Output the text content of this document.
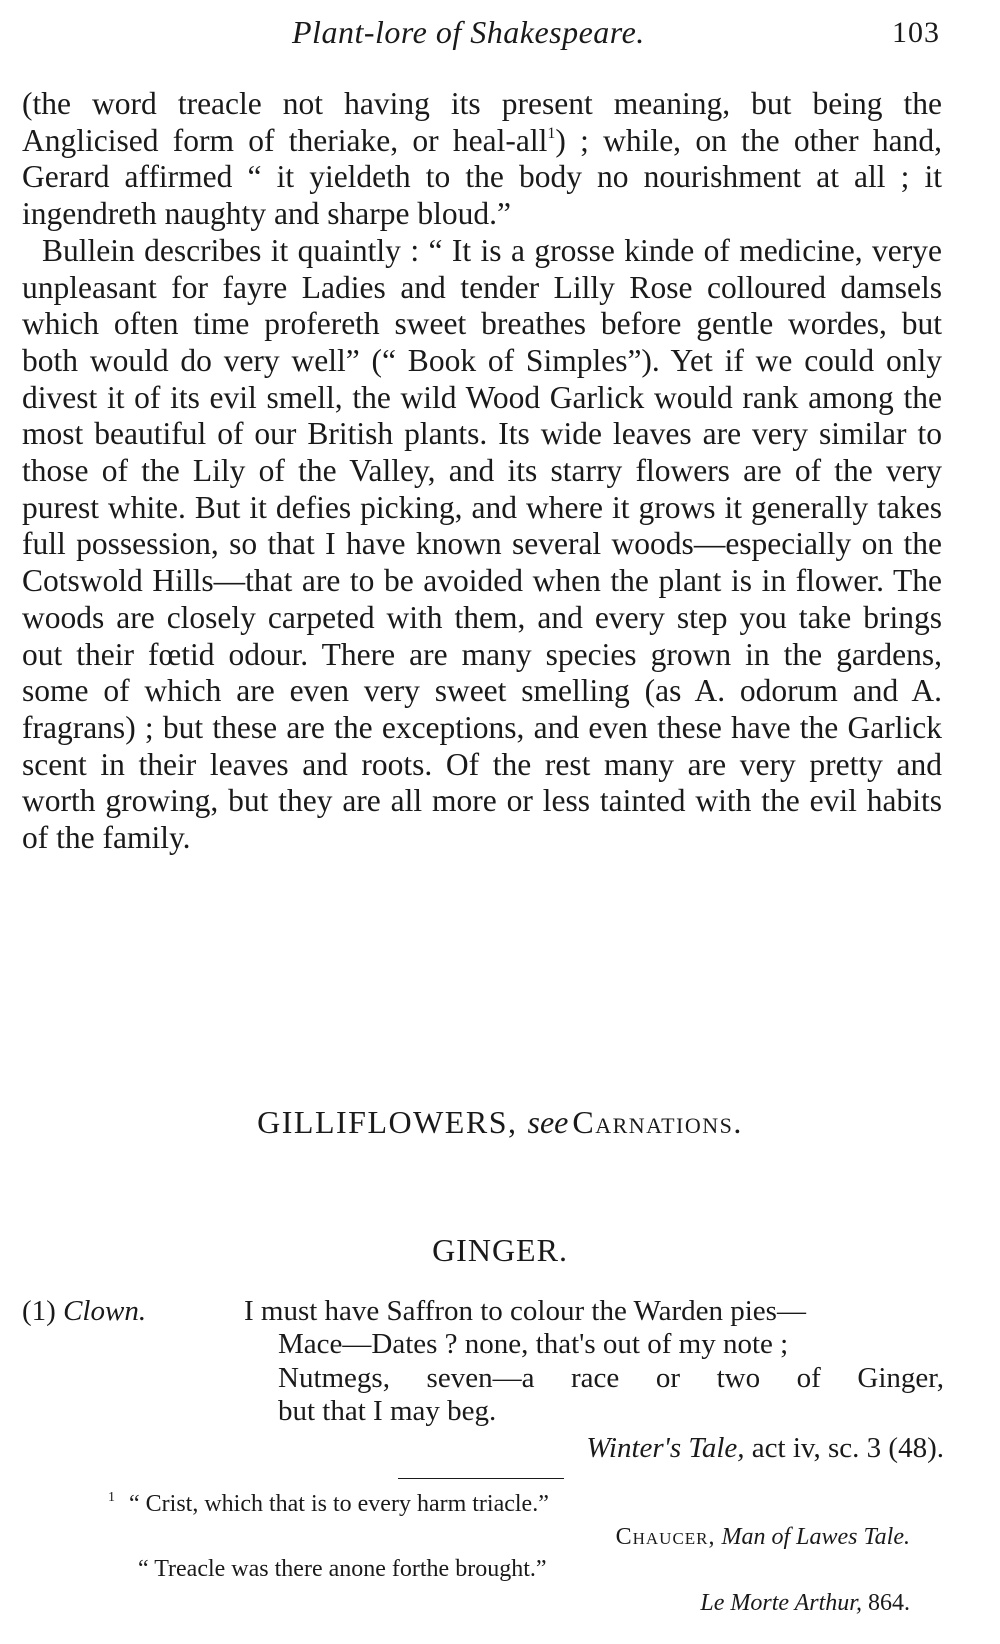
Plant-lore of Shakespeare.	103

(the word treacle not having its present meaning, but being the Anglicised form of theriake, or heal-all$^1$) ; while, on the other hand, Gerard affirmed “ it yieldeth to the body no nourishment at all ; it ingendreth naughty and sharpe bloud.”

Bullein describes it quaintly : “ It is a grosse kinde of medicine, verye unpleasant for fayre Ladies and tender Lilly Rose colloured damsels which often time profereth sweet breathes before gentle wordes, but both would do very well” (“ Book of Simples”). Yet if we could only divest it of its evil smell, the wild Wood Garlick would rank among the most beautiful of our British plants. Its wide leaves are very similar to those of the Lily of the Valley, and its starry flowers are of the very purest white. But it defies picking, and where it grows it generally takes full possession, so that I have known several woods—especially on the Cotswold Hills—that are to be avoided when the plant is in flower. The woods are closely carpeted with them, and every step you take brings out their fœtid odour. There are many species grown in the gardens, some of which are even very sweet smelling (as A. odorum and A. fragrans) ; but these are the exceptions, and even these have the Garlick scent in their leaves and roots. Of the rest many are very pretty and worth growing, but they are all more or less tainted with the evil habits of the family.

GILLIFLOWERS, see Carnations.
GINGER.
(1) Clown.	I must have Saffron to colour the Warden pies—
Mace—Dates ? none, that's out of my note ;
Nutmegs, seven—a race or two of Ginger,
but that I may beg.
Winter's Tale, act iv, sc. 3 (48).
$^1$ “ Crist, which that is to every harm triacle.”
Chaucer, Man of Lawes Tale.
“ Treacle was there anone forthe brought.”
Le Morte Arthur, 864.
